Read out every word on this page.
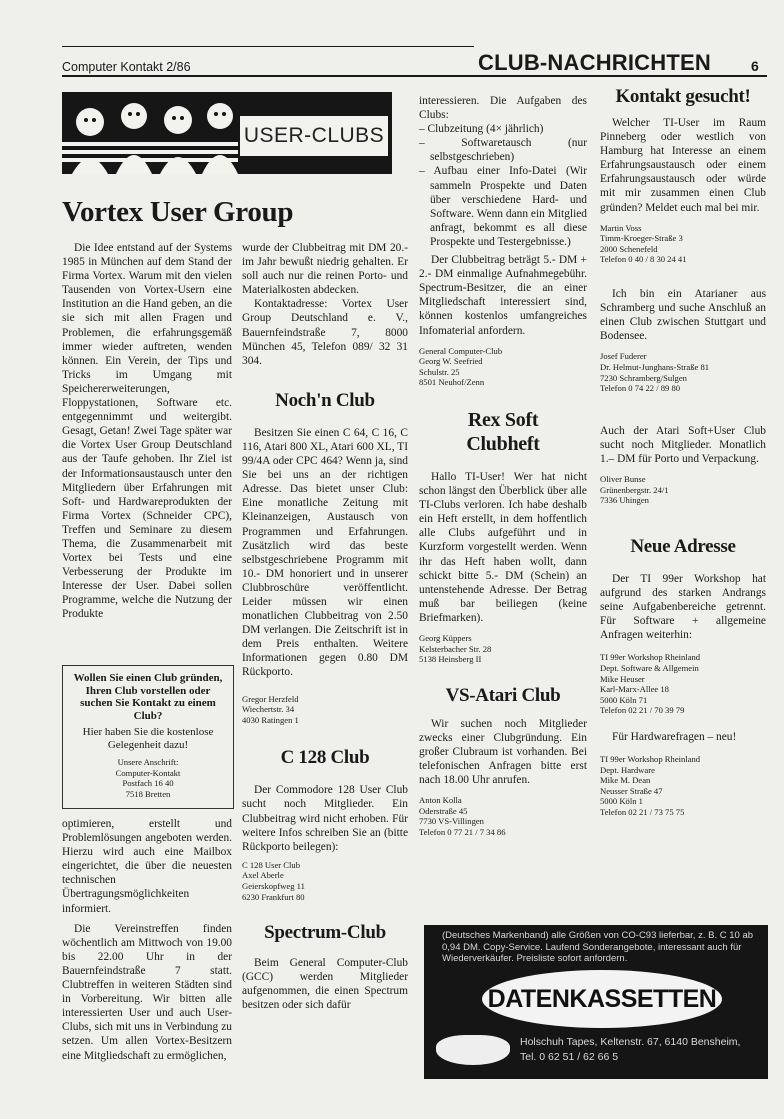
Computer Kontakt 2/86	CLUB-NACHRICHTEN	6
USER-CLUBS
Vortex User Group

Die Idee entstand auf der Systems 1985 in München auf dem Stand der Firma Vortex. Warum mit den vielen Tausenden von Vortex-Usern eine Institution an die Hand geben, an die sie sich mit allen Fragen und Problemen, die erfahrungsgemäß immer wieder auftreten, wenden können. Ein Verein, der Tips und Tricks im Umgang mit Speichererweiterungen, Floppystationen, Software etc. entgegennimmt und weitergibt. Gesagt, Getan! Zwei Tage später war die Vortex User Group Deutschland aus der Taufe gehoben. Ihr Ziel ist der Informationsaustausch unter den Mitgliedern über Erfahrungen mit Soft- und Hardwareprodukten der Firma Vortex (Schneider CPC), Treffen und Seminare zu diesem Thema, die Zusammenarbeit mit Vortex bei Tests und eine Verbesserung der Produkte im Interesse der User. Dabei sollen Programme, welche die Nutzung der Produkte

Wollen Sie einen Club gründen, Ihren Club vorstellen oder suchen Sie Kontakt zu einem Club?
Hier haben Sie die kostenlose Gelegenheit dazu!
Unsere Anschrift:
Computer-Kontakt
Postfach 16 40
7518 Bretten

optimieren, erstellt und Problemlösungen angeboten werden. Hierzu wird auch eine Mailbox eingerichtet, die über die neuesten technischen Übertragungsmöglichkeiten informiert.

Die Vereinstreffen finden wöchentlich am Mittwoch von 19.00 bis 22.00 Uhr in der Bauernfeindstraße 7 statt. Clubtreffen in weiteren Städten sind in Vorbereitung. Wir bitten alle interessierten User und auch User-Clubs, sich mit uns in Verbindung zu setzen. Um allen Vortex-Besitzern eine Mitgliedschaft zu ermöglichen,

wurde der Clubbeitrag mit DM 20.- im Jahr bewußt niedrig gehalten. Er soll auch nur die reinen Porto- und Materialkosten abdecken.

Kontaktadresse: Vortex User Group Deutschland e. V., Bauernfeindstraße 7, 8000 München 45, Telefon 089/ 32 31 304.

Noch'n Club

Besitzen Sie einen C 64, C 16, C 116, Atari 800 XL, Atari 600 XL, TI 99/4A oder CPC 464? Wenn ja, sind Sie bei uns an der richtigen Adresse. Das bietet unser Club: Eine monatliche Zeitung mit Kleinanzeigen, Austausch von Programmen und Erfahrungen. Zusätzlich wird das beste selbstgeschriebene Programm mit 10.- DM honoriert und in unserer Clubbroschüre veröffentlicht. Leider müssen wir einen monatlichen Clubbeitrag von 2.50 DM verlangen. Die Zeitschrift ist in dem Preis enthalten. Weitere Informationen gegen 0.80 DM Rückporto.

Gregor Herzfeld
Wiechertstr. 34
4030 Ratingen 1
C 128 Club

Der Commodore 128 User Club sucht noch Mitglieder. Ein Clubbeitrag wird nicht erhoben. Für weitere Infos schreiben Sie an (bitte Rückporto beilegen):

C 128 User Club
Axel Aberle
Geierskopfweg 11
6230 Frankfurt 80
Spectrum-Club

Beim General Computer-Club (GCC) werden Mitglieder aufgenommen, die einen Spectrum besitzen oder sich dafür

interessieren. Die Aufgaben des Clubs:

– Clubzeitung (4× jährlich)
– Softwaretausch (nur selbstgeschrieben)
– Aufbau einer Info-Datei (Wir sammeln Prospekte und Daten über verschiedene Hard- und Software. Wenn dann ein Mitglied anfragt, bekommt es all diese Prospekte und Testergebnisse.)

Der Clubbeitrag beträgt 5.- DM + 2.- DM einmalige Aufnahmegebühr. Spectrum-Besitzer, die an einer Mitgliedschaft interessiert sind, können kostenlos umfangreiches Infomaterial anfordern.

General Computer-Club
Georg W. Seefried
Schulstr. 25
8501 Neuhof/Zenn
Rex Soft
Clubheft

Hallo TI-User! Wer hat nicht schon längst den Überblick über alle TI-Clubs verloren. Ich habe deshalb ein Heft erstellt, in dem hoffentlich alle Clubs aufgeführt und in Kurzform vorgestellt werden. Wenn ihr das Heft haben wollt, dann schickt bitte 5.- DM (Schein) an untenstehende Adresse. Der Betrag muß bar beiliegen (keine Briefmarken).

Georg Küppers
Kelsterbacher Str. 28
5138 Heinsberg II
VS-Atari Club

Wir suchen noch Mitglieder zwecks einer Clubgründung. Ein großer Clubraum ist vorhanden. Bei telefonischen Anfragen bitte erst nach 18.00 Uhr anrufen.

Anton Kolla
Oderstraße 45
7730 VS-Villingen
Telefon 0 77 21 / 7 34 86
Kontakt gesucht!

Welcher TI-User im Raum Pinneberg oder westlich von Hamburg hat Interesse an einem Erfahrungsaustausch oder einem Erfahrungsaustausch oder würde mit mir zusammen einen Club gründen? Meldet euch mal bei mir.

Martin Voss
Timm-Kroeger-Straße 3
2000 Schenefeld
Telefon 0 40 / 8 30 24 41

Ich bin ein Atarianer aus Schramberg und suche Anschluß an einen Club zwischen Stuttgart und Bodensee.

Josef Fuderer
Dr. Helmut-Junghans-Straße 81
7230 Schramberg/Sulgen
Telefon 0 74 22 / 89 80

Auch der Atari Soft+User Club sucht noch Mitglieder. Monatlich 1.– DM für Porto und Verpackung.

Oliver Bunse
Grünenbergstr. 24/1
7336 Uhingen
Neue Adresse

Der TI 99er Workshop hat aufgrund des starken Andrangs seine Aufgabenbereiche getrennt. Für Software + allgemeine Anfragen weiterhin:

TI 99er Workshop Rheinland
Dept. Software & Allgemein
Mike Heuser
Karl-Marx-Allee 18
5000 Köln 71
Telefon 02 21 / 70 39 79

Für Hardwarefragen – neu!

TI 99er Workshop Rheinland
Dept. Hardware
Mike M. Dean
Neusser Straße 47
5000 Köln 1
Telefon 02 21 / 73 75 75
(Deutsches Markenband) alle Größen von CO-C93 lieferbar, z. B. C 10 ab 0,94 DM. Copy-Service. Laufend Sonderangebote, interessant auch für Wiederverkäufer. Preisliste sofort anfordern.
DATENKASSETTEN
Holschuh Tapes, Keltenstr. 67, 6140 Bensheim,
Tel. 0 62 51 / 62 66 5
